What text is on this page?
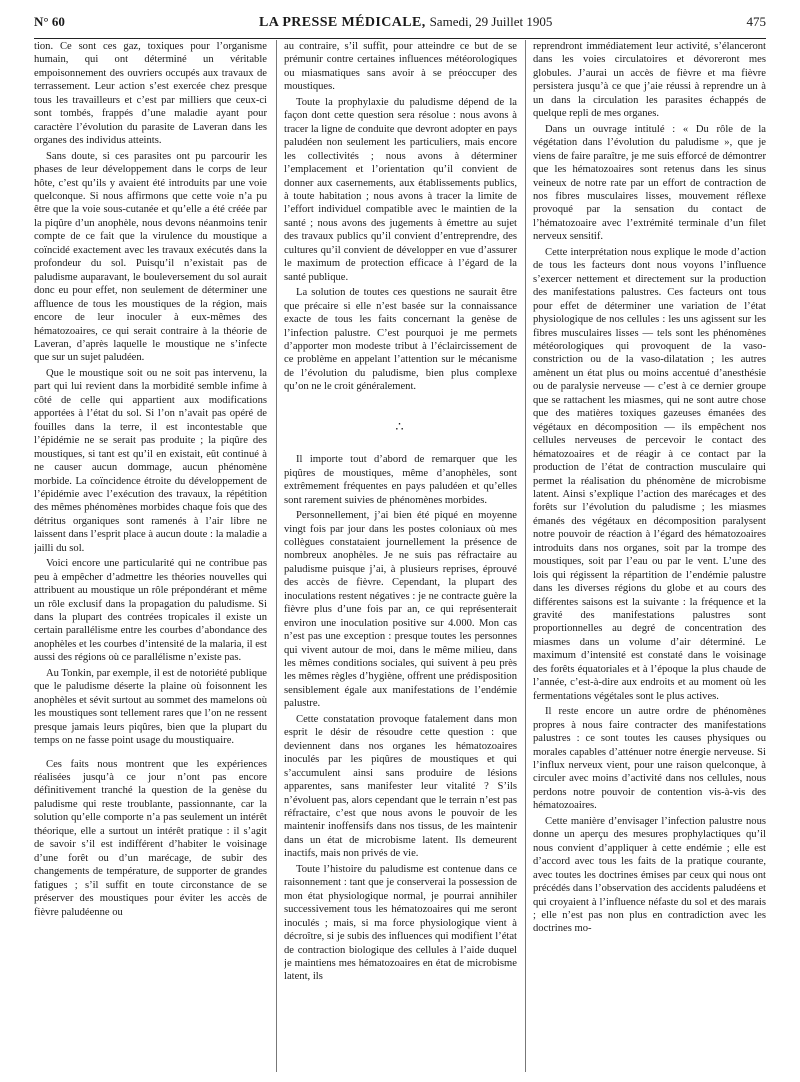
N° 60	LA PRESSE MÉDICALE, Samedi, 29 Juillet 1905	475

tion. Ce sont ces gaz, toxiques pour l’organisme humain, qui ont déterminé un véritable empoisonnement des ouvriers occupés aux travaux de terrassement. Leur action s’est exercée chez presque tous les travailleurs et c’est par milliers que ceux-ci sont tombés, frappés d’une maladie ayant pour caractère l’évolution du parasite de Laveran dans les organes des individus atteints.

Sans doute, si ces parasites ont pu parcourir les phases de leur développement dans le corps de leur hôte, c’est qu’ils y avaient été introduits par une voie quelconque. Si nous affirmons que cette voie n’a pu être que la voie sous-cutanée et qu’elle a été créée par la piqûre d’un anophèle, nous devons néanmoins tenir compte de ce fait que la virulence du moustique a coïncidé exactement avec les travaux exécutés dans la profondeur du sol. Puisqu’il n’existait pas de paludisme auparavant, le bouleversement du sol aurait donc eu pour effet, non seulement de déterminer une affluence de tous les moustiques de la région, mais encore de leur inoculer à eux-mêmes des hématozoaires, ce qui serait contraire à la théorie de Laveran, d’après laquelle le moustique ne s’infecte que sur un sujet paludéen.

Que le moustique soit ou ne soit pas intervenu, la part qui lui revient dans la morbidité semble infime à côté de celle qui appartient aux modifications apportées à l’état du sol. Si l’on n’avait pas opéré de fouilles dans la terre, il est incontestable que l’épidémie ne se serait pas produite ; la piqûre des moustiques, si tant est qu’il en existait, eût continué à ne causer aucun dommage, aucun phénomène morbide. La coïncidence étroite du développement de l’épidémie avec l’exécution des travaux, la répétition des mêmes phénomènes morbides chaque fois que des détritus organiques sont ramenés à l’air libre ne laissent dans l’esprit place à aucun doute : la maladie a jailli du sol.

Voici encore une particularité qui ne contribue pas peu à empêcher d’admettre les théories nouvelles qui attribuent au moustique un rôle prépondérant et même un rôle exclusif dans la propagation du paludisme. Si dans la plupart des contrées tropicales il existe un certain parallélisme entre les courbes d’abondance des anophèles et les courbes d’intensité de la malaria, il est aussi des régions où ce parallélisme n’existe pas.

Au Tonkin, par exemple, il est de notoriété publique que le paludisme déserte la plaine où foisonnent les anophèles et sévit surtout au sommet des mamelons où les moustiques sont tellement rares que l’on ne ressent presque jamais leurs piqûres, bien que la plupart du temps on ne fasse point usage du moustiquaire.

Ces faits nous montrent que les expériences réalisées jusqu’à ce jour n’ont pas encore définitivement tranché la question de la genèse du paludisme qui reste troublante, passionnante, car la solution qu’elle comporte n’a pas seulement un intérêt théorique, elle a surtout un intérêt pratique : il s’agit de savoir s’il est indifférent d’habiter le voisinage d’une forêt ou d’un marécage, de subir des changements de température, de supporter de grandes fatigues ; s’il suffit en toute circonstance de se préserver des moustiques pour éviter les accès de fièvre paludéenne ou

au contraire, s’il suffit, pour atteindre ce but de se prémunir contre certaines influences météorologiques ou miasmatiques sans avoir à se préoccuper des moustiques.

Toute la prophylaxie du paludisme dépend de la façon dont cette question sera résolue : nous avons à tracer la ligne de conduite que devront adopter en pays paludéen non seulement les particuliers, mais encore les collectivités ; nous avons à déterminer l’emplacement et l’orientation qu’il convient de donner aux casernements, aux établissements publics, à toute habitation ; nous avons à tracer la limite de l’effort individuel compatible avec le maintien de la santé ; nous avons des jugements à émettre au sujet des travaux publics qu’il convient d’entreprendre, des cultures qu’il convient de développer en vue d’assurer le maximum de protection efficace à l’égard de la santé publique.

La solution de toutes ces questions ne saurait être que précaire si elle n’est basée sur la connaissance exacte de tous les faits concernant la genèse de l’infection palustre. C’est pourquoi je me permets d’apporter mon modeste tribut à l’éclaircissement de ce problème en appelant l’attention sur le mécanisme de l’évolution du paludisme, bien plus complexe qu’on ne le croit généralement.

∴

Il importe tout d’abord de remarquer que les piqûres de moustiques, même d’anophèles, sont extrêmement fréquentes en pays paludéen et qu’elles sont rarement suivies de phénomènes morbides.

Personnellement, j’ai bien été piqué en moyenne vingt fois par jour dans les postes coloniaux où mes collègues constataient journellement la présence de nombreux anophèles. Je ne suis pas réfractaire au paludisme puisque j’ai, à plusieurs reprises, éprouvé des accès de fièvre. Cependant, la plupart des inoculations restent négatives : je ne contracte guère la fièvre plus d’une fois par an, ce qui représenterait environ une inoculation positive sur 4.000. Mon cas n’est pas une exception : presque toutes les personnes qui vivent autour de moi, dans le même milieu, dans les mêmes conditions sociales, qui suivent à peu près les mêmes règles d’hygiène, offrent une prédisposition sensiblement égale aux manifestations de l’endémie palustre.

Cette constatation provoque fatalement dans mon esprit le désir de résoudre cette question : que deviennent dans nos organes les hématozoaires inoculés par les piqûres de moustiques et qui s’accumulent ainsi sans produire de lésions apparentes, sans manifester leur vitalité ? S’ils n’évoluent pas, alors cependant que le terrain n’est pas réfractaire, c’est que nous avons le pouvoir de les maintenir inoffensifs dans nos tissus, de les maintenir dans un état de microbisme latent. Ils demeurent inactifs, mais non privés de vie.

Toute l’histoire du paludisme est contenue dans ce raisonnement : tant que je conserverai la possession de mon état physiologique normal, je pourrai annihiler successivement tous les hématozoaires qui me seront inoculés ; mais, si ma force physiologique vient à décroître, si je subis des influences qui modifient l’état de contraction biologique des cellules à l’aide duquel je maintiens mes hématozoaires en état de microbisme latent, ils

reprendront immédiatement leur activité, s’élanceront dans les voies circulatoires et dévoreront mes globules. J’aurai un accès de fièvre et ma fièvre persistera jusqu’à ce que j’aie réussi à reprendre un à un dans la circulation les parasites échappés de quelque repli de mes organes.

Dans un ouvrage intitulé : « Du rôle de la végétation dans l’évolution du paludisme », que je viens de faire paraître, je me suis efforcé de démontrer que les hématozoaires sont retenus dans les sinus veineux de notre rate par un effort de contraction de nos fibres musculaires lisses, mouvement réflexe provoqué par la sensation du contact de l’hématozoaire avec l’extrémité terminale d’un filet nerveux sensitif.

Cette interprétation nous explique le mode d’action de tous les facteurs dont nous voyons l’influence s’exercer nettement et directement sur la production des manifestations palustres. Ces facteurs ont tous pour effet de déterminer une variation de l’état physiologique de nos cellules : les uns agissent sur les fibres musculaires lisses — tels sont les phénomènes météorologiques qui provoquent de la vaso-constriction ou de la vaso-dilatation ; les autres amènent un état plus ou moins accentué d’anesthésie ou de paralysie nerveuse — c’est à ce dernier groupe que se rattachent les miasmes, qui ne sont autre chose que des matières toxiques gazeuses émanées des végétaux en décomposition — ils empêchent nos cellules nerveuses de percevoir le contact des hématozoaires et de réagir à ce contact par la production de l’état de contraction musculaire qui permet la réalisation du phénomène de microbisme latent. Ainsi s’explique l’action des marécages et des forêts sur l’évolution du paludisme ; les miasmes émanés des végétaux en décomposition paralysent notre pouvoir de réaction à l’égard des hématozoaires introduits dans nos organes, soit par la trompe des moustiques, soit par l’eau ou par le vent. L’une des lois qui régissent la répartition de l’endémie palustre dans les diverses régions du globe et au cours des différentes saisons est la suivante : la fréquence et la gravité des manifestations palustres sont proportionnelles au degré de concentration des miasmes dans un volume d’air déterminé. Le maximum d’intensité est constaté dans le voisinage des forêts équatoriales et à l’époque la plus chaude de l’année, c’est-à-dire aux endroits et au moment où les fermentations végétales sont le plus actives.

Il reste encore un autre ordre de phénomènes propres à nous faire contracter des manifestations palustres : ce sont toutes les causes physiques ou morales capables d’atténuer notre énergie nerveuse. Si l’influx nerveux vient, pour une raison quelconque, à circuler avec moins d’activité dans nos cellules, nous perdons notre pouvoir de contention vis-à-vis des hématozoaires.

Cette manière d’envisager l’infection palustre nous donne un aperçu des mesures prophylactiques qu’il nous convient d’appliquer à cette endémie ; elle est d’accord avec tous les faits de la pratique courante, avec toutes les doctrines émises par ceux qui nous ont précédés dans l’observation des accidents paludéens et qui croyaient à l’influence néfaste du sol et des marais ; elle n’est pas non plus en contradiction avec les doctrines mo-
